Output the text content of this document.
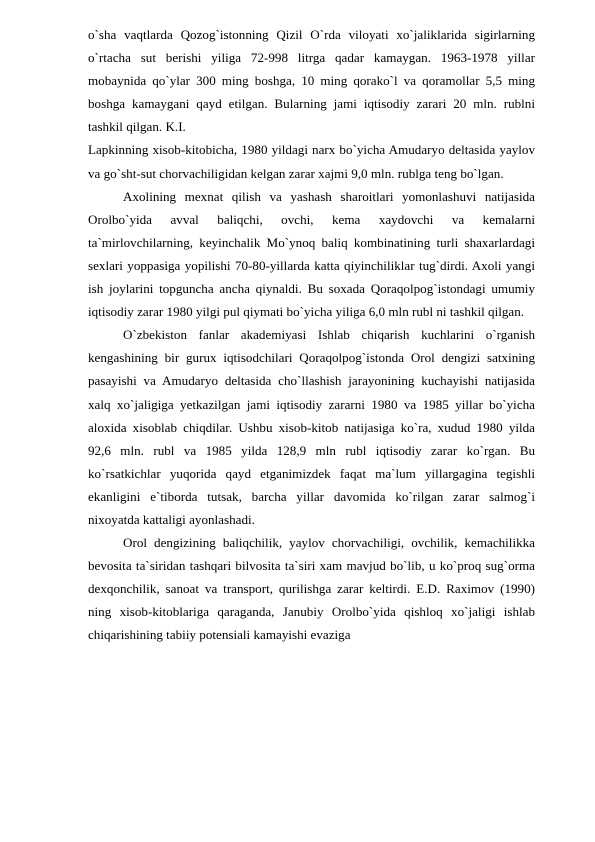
o`sha vaqtlarda Qozog`istonning Qizil O`rda viloyati xo`jaliklarida sigirlarning o`rtacha sut berishi yiliga 72-998 litrga qadar kamaygan. 1963-1978 yillar mobaynida qo`ylar 300 ming boshga, 10 ming qorako`l va qoramollar 5,5 ming boshga kamaygani qayd etilgan. Bularning jami iqtisodiy zarari 20 mln. rublni tashkil qilgan. K.I.

Lapkinning xisob-kitobicha, 1980 yildagi narx bo`yicha Amudaryo deltasida yaylov va go`sht-sut chorvachiligidan kelgan zarar xajmi 9,0 mln. rublga teng bo`lgan.

Axolining mexnat qilish va yashash sharoitlari yomonlashuvi natijasida Orolbo`yida avval baliqchi, ovchi, kema xaydovchi va kemalarni ta`mirlovchilarning, keyinchalik Mo`ynoq baliq kombinatining turli shaxarlardagi sexlari yoppasiga yopilishi 70-80-yillarda katta qiyinchiliklar tug`dirdi. Axoli yangi ish joylarini topguncha ancha qiynaldi. Bu soxada Qoraqolpog`istondagi umumiy iqtisodiy zarar 1980 yilgi pul qiymati bo`yicha yiliga 6,0 mln rubl ni tashkil qilgan.

O`zbekiston fanlar akademiyasi Ishlab chiqarish kuchlarini o`rganish kengashining bir gurux iqtisodchilari Qoraqolpog`istonda Orol dengizi satxining pasayishi va Amudaryo deltasida cho`llashish jarayonining kuchayishi natijasida xalq xo`jaligiga yetkazilgan jami iqtisodiy zararni 1980 va 1985 yillar bo`yicha aloxida xisoblab chiqdilar. Ushbu xisob-kitob natijasiga ko`ra, xudud 1980 yilda 92,6 mln. rubl va 1985 yilda 128,9 mln rubl iqtisodiy zarar ko`rgan. Bu ko`rsatkichlar yuqorida qayd etganimizdek faqat ma`lum yillargagina tegishli ekanligini e`tiborda tutsak, barcha yillar davomida ko`rilgan zarar salmog`i nixoyatda kattaligi ayonlashadi.

Orol dengizining baliqchilik, yaylov chorvachiligi, ovchilik, kemachilikka bevosita ta`siridan tashqari bilvosita ta`siri xam mavjud bo`lib, u ko`proq sug`orma dexqonchilik, sanoat va transport, qurilishga zarar keltirdi. E.D. Raximov (1990) ning xisob-kitoblariga qaraganda, Janubiy Orolbo`yida qishloq xo`jaligi ishlab chiqarishining tabiiy potensiali kamayishi evaziga
